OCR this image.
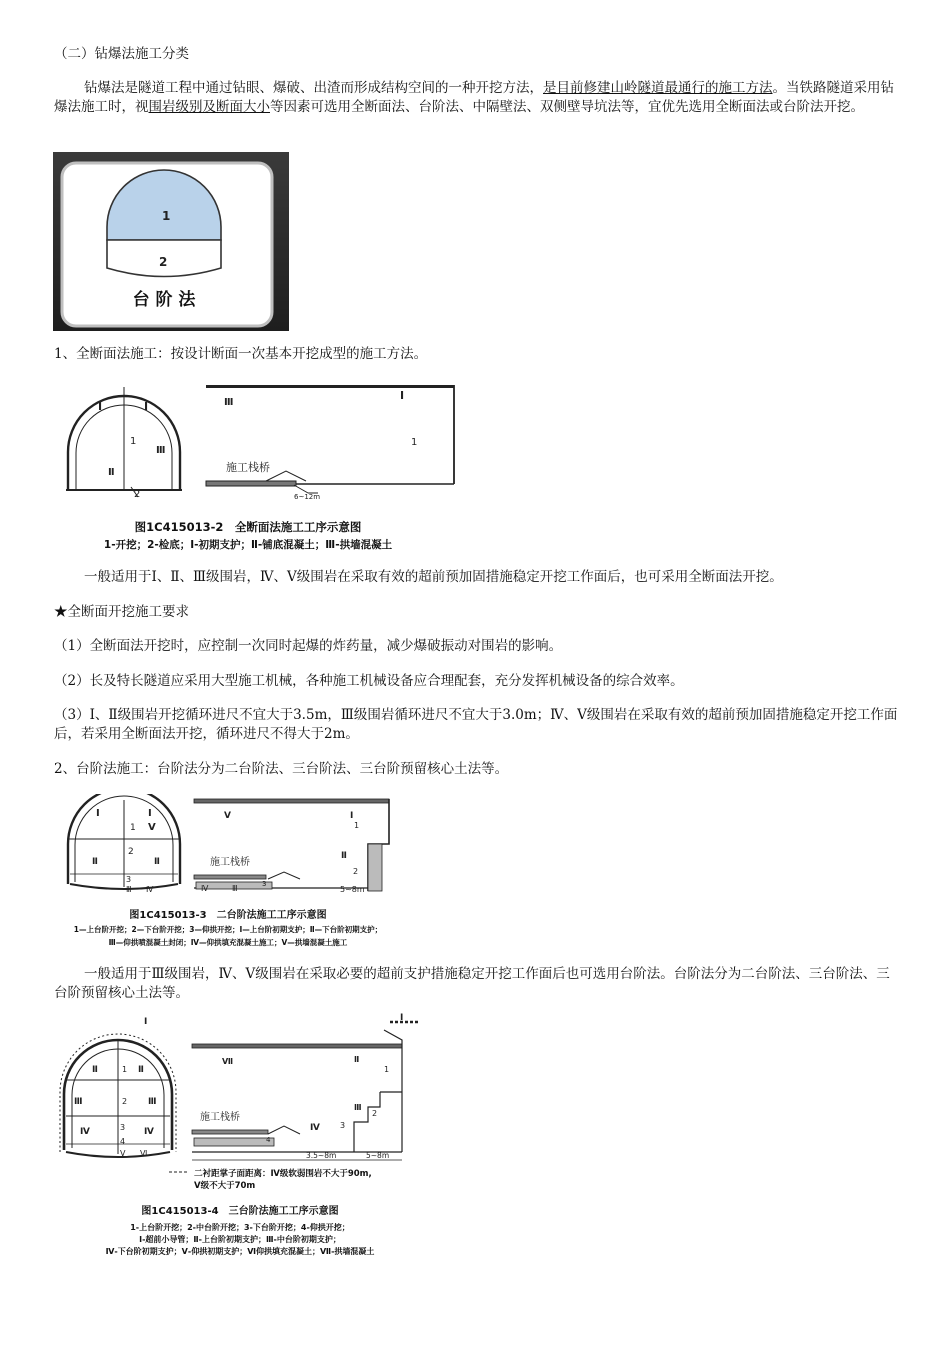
（二）钻爆法施工分类

钻爆法是隧道工程中通过钻眼、爆破、出渣而形成结构空间的一种开挖方法，是目前修建山岭隧道最通行的施工方法。当铁路隧道采用钻爆法施工时，视围岩级别及断面大小等因素可选用全断面法、台阶法、中隔壁法、双侧壁导坑法等，宜优先选用全断面法或台阶法开挖。

1
2
台 阶 法

1、全断面法施工：按设计断面一次基本开挖成型的施工方法。

I	I
1
Ⅲ
Ⅱ
2
Ⅲ
I
1
施工栈桥
6~12m
图1C415013-2　全断面法施工工序示意图
1-开挖；2-检底；Ⅰ-初期支护；Ⅱ-铺底混凝土；Ⅲ-拱墙混凝土

一般适用于Ⅰ、Ⅱ、Ⅲ级围岩，Ⅳ、Ⅴ级围岩在采取有效的超前预加固措施稳定开挖工作面后，也可采用全断面法开挖。

★全断面开挖施工要求

（1）全断面法开挖时，应控制一次同时起爆的炸药量，减少爆破振动对围岩的影响。

（2）长及特长隧道应采用大型施工机械，各种施工机械设备应合理配套，充分发挥机械设备的综合效率。

（3）Ⅰ、Ⅱ级围岩开挖循环进尺不宜大于3.5m，Ⅲ级围岩循环进尺不宜大于3.0m；Ⅳ、Ⅴ级围岩在采取有效的超前预加固措施稳定开挖工作面后，若采用全断面法开挖，循环进尺不得大于2m。

2、台阶法施工：台阶法分为二台阶法、三台阶法、三台阶预留核心土法等。

I	I
V
1
2
Ⅱ	Ⅱ
3
Ⅲ Ⅳ
V	I
1
Ⅱ
2
Ⅳ	Ⅲ	3
施工栈桥
5~8m
图1C415013-3　二台阶法施工工序示意图
1—上台阶开挖；2—下台阶开挖；3—仰拱开挖；Ⅰ—上台阶初期支护；Ⅱ—下台阶初期支护；
Ⅲ—仰拱喷混凝土封闭；Ⅳ—仰拱填充混凝土施工；Ⅴ—拱墙混凝土施工

一般适用于Ⅲ级围岩，Ⅳ、Ⅴ级围岩在采取必要的超前支护措施稳定开挖工作面后也可选用台阶法。台阶法分为二台阶法、三台阶法、三台阶预留核心土法等。

I
Ⅱ	Ⅱ
1
Ⅲ	Ⅲ
2
Ⅳ	Ⅳ
3
4
V Ⅵ
Ⅶ
I
Ⅱ
1
Ⅲ
2
Ⅳ	3
4
施工栈桥
3.5~8m	5~8m
二衬距掌子面距离：Ⅳ级软弱围岩不大于90m,
Ⅴ级不大于70m
图1C415013-4　三台阶法施工工序示意图
1-上台阶开挖；2-中台阶开挖；3-下台阶开挖；4-仰拱开挖；
Ⅰ-超前小导管；Ⅱ-上台阶初期支护；Ⅲ-中台阶初期支护；
Ⅳ-下台阶初期支护；Ⅴ-仰拱初期支护；Ⅵ仰拱填充混凝土；Ⅶ-拱墙混凝土
